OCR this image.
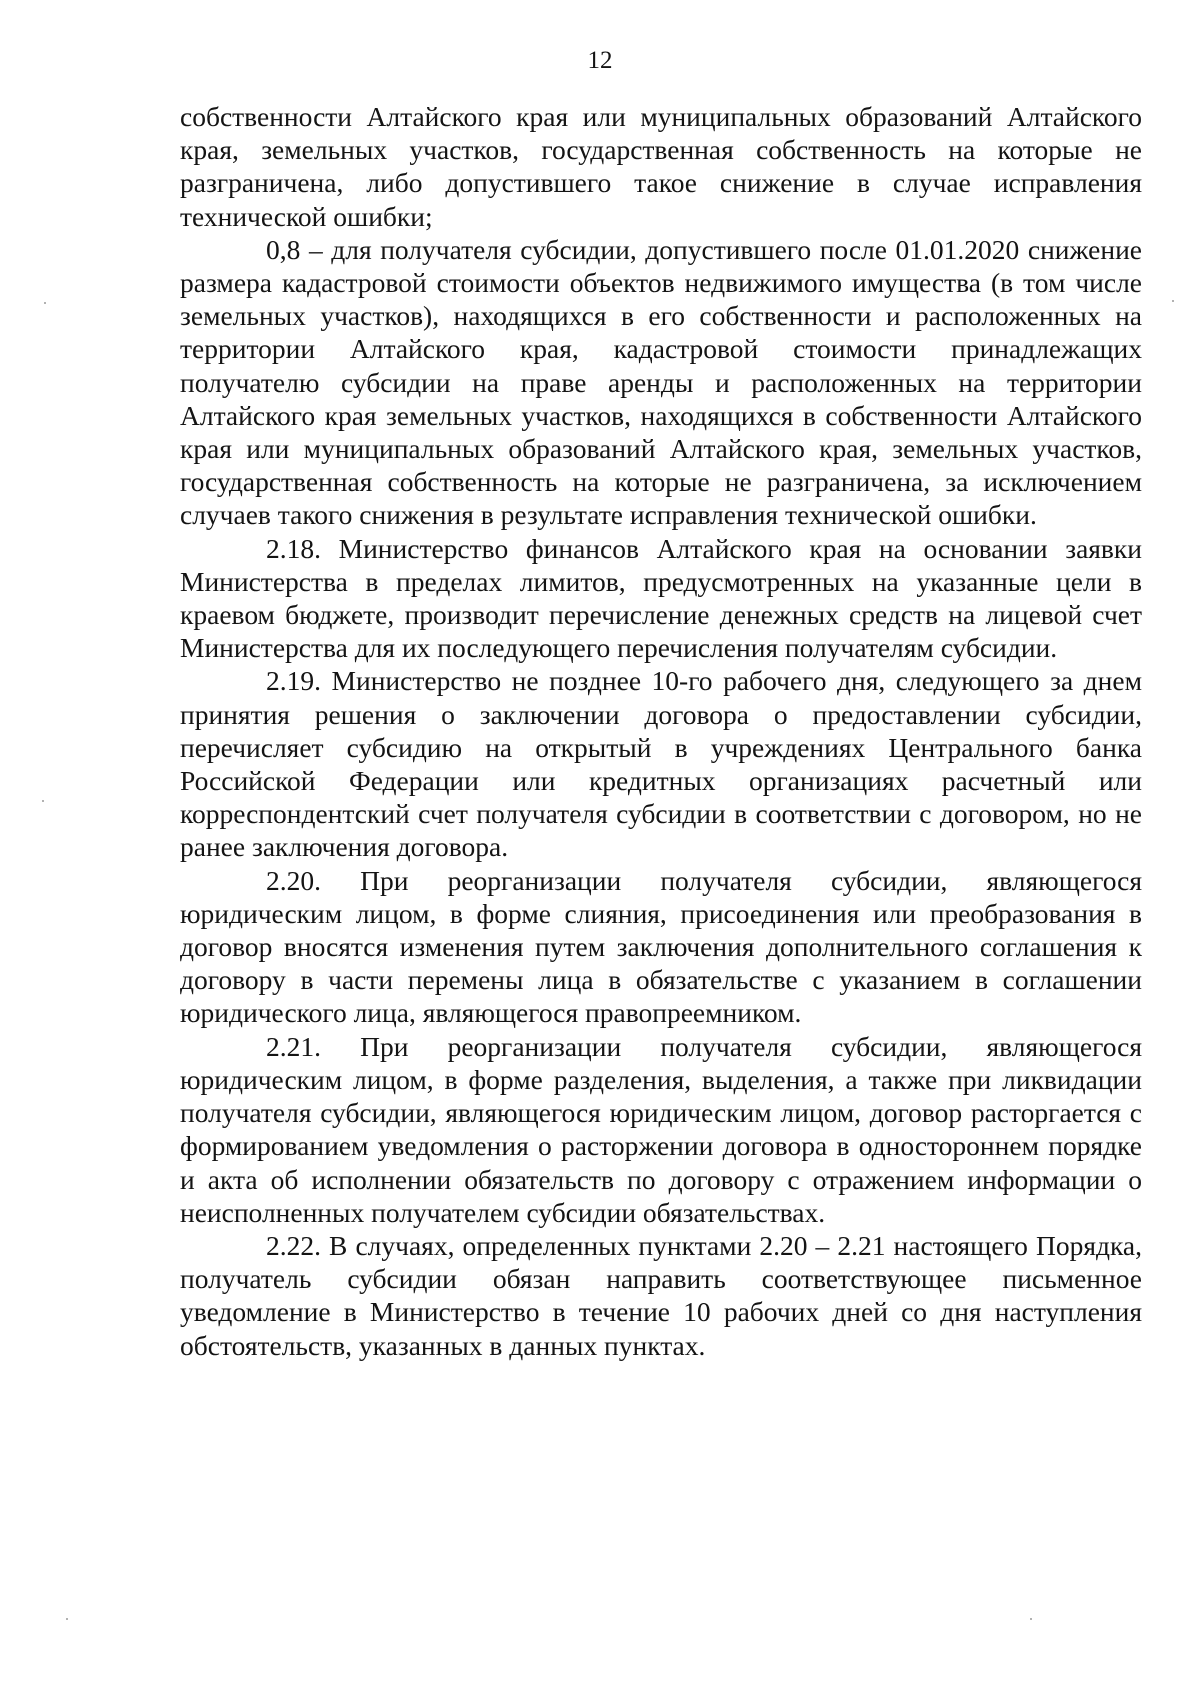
12

собственности Алтайского края или муниципальных образований Алтайского края, земельных участков, государственная собственность на которые не разграничена, либо допустившего такое снижение в случае исправления технической ошибки;

0,8 – для получателя субсидии, допустившего после 01.01.2020 снижение размера кадастровой стоимости объектов недвижимого имущества (в том числе земельных участков), находящихся в его собственности и расположенных на территории Алтайского края, кадастровой стоимости принадлежащих получателю субсидии на праве аренды и расположенных на территории Алтайского края земельных участков, находящихся в собственности Алтайского края или муниципальных образований Алтайского края, земельных участков, государственная собственность на которые не разграничена, за исключением случаев такого снижения в результате исправления технической ошибки.

2.18. Министерство финансов Алтайского края на основании заявки Министерства в пределах лимитов, предусмотренных на указанные цели в краевом бюджете, производит перечисление денежных средств на лицевой счет Министерства для их последующего перечисления получателям субсидии.

2.19. Министерство не позднее 10-го рабочего дня, следующего за днем принятия решения о заключении договора о предоставлении субсидии, перечисляет субсидию на открытый в учреждениях Центрального банка Российской Федерации или кредитных организациях расчетный или корреспондентский счет получателя субсидии в соответствии с договором, но не ранее заключения договора.

2.20. При реорганизации получателя субсидии, являющегося юридическим лицом, в форме слияния, присоединения или преобразования в договор вносятся изменения путем заключения дополнительного соглашения к договору в части перемены лица в обязательстве с указанием в соглашении юридического лица, являющегося правопреемником.

2.21. При реорганизации получателя субсидии, являющегося юридическим лицом, в форме разделения, выделения, а также при ликвидации получателя субсидии, являющегося юридическим лицом, договор расторгается с формированием уведомления о расторжении договора в одностороннем порядке и акта об исполнении обязательств по договору с отражением информации о неисполненных получателем субсидии обязательствах.

2.22. В случаях, определенных пунктами 2.20 – 2.21 настоящего Порядка, получатель субсидии обязан направить соответствующее письменное уведомление в Министерство в течение 10 рабочих дней со дня наступления обстоятельств, указанных в данных пунктах.
